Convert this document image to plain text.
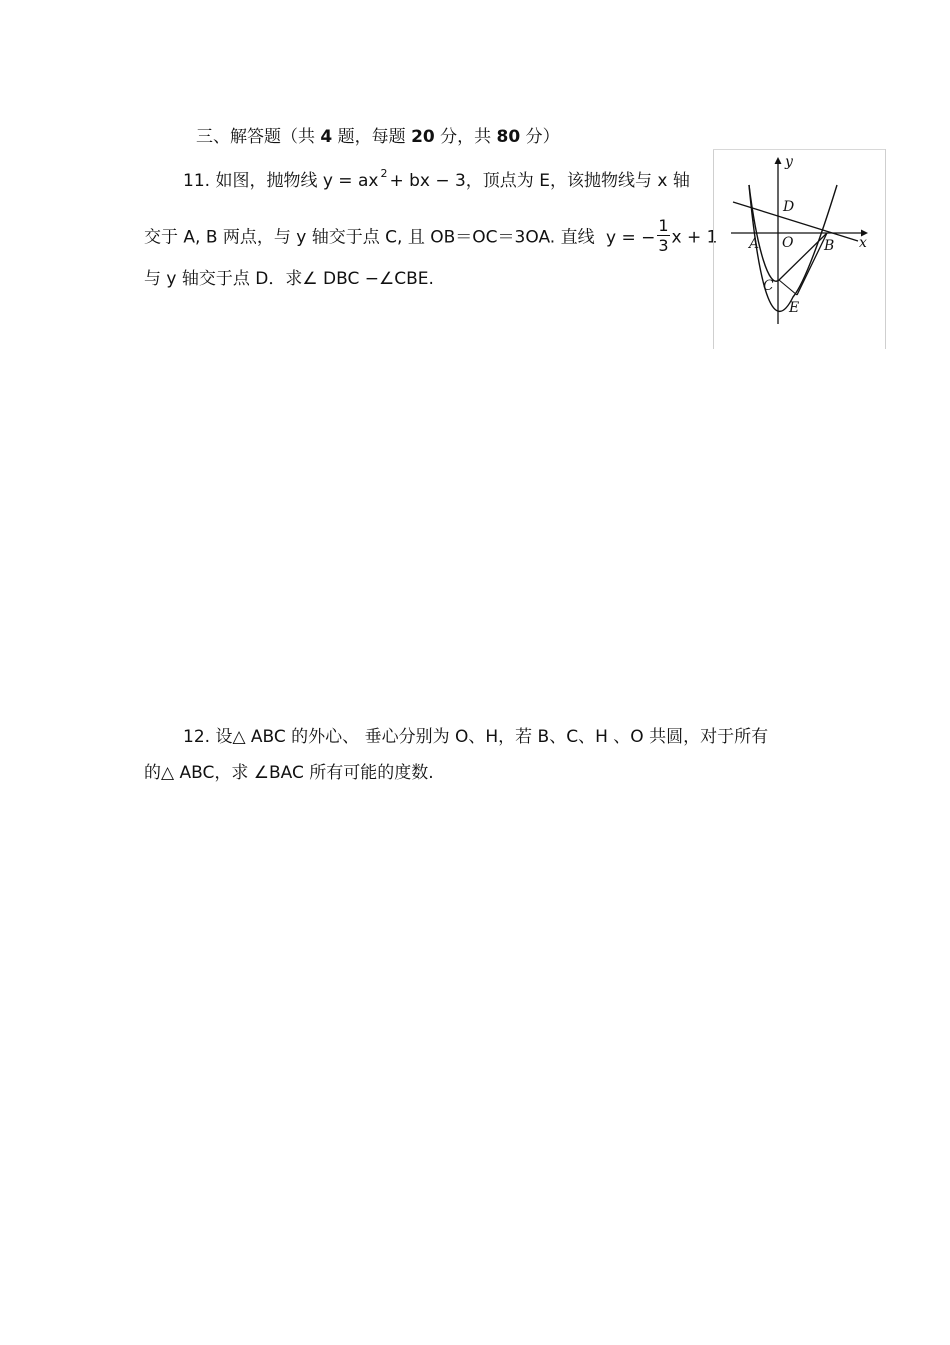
三、解答题（共 4 题，每题 20 分，共 80 分）
11. 如图，抛物线 y = ax $^2$ + bx − 3，顶点为 E，该抛物线与 x 轴
交于 A, B 两点，与 y 轴交于点 C, 且 OB＝OC＝3OA. 直线 y = − $\frac{1}{3}$ x + 1
与 y 轴交于点 D．求∠ DBC −∠CBE.
y
x
D
A O B
C
E
12. 设△ ABC 的外心、 垂心分别为 O、H，若 B、C、H 、O 共圆，对于所有
的△ ABC，求 ∠BAC 所有可能的度数.
